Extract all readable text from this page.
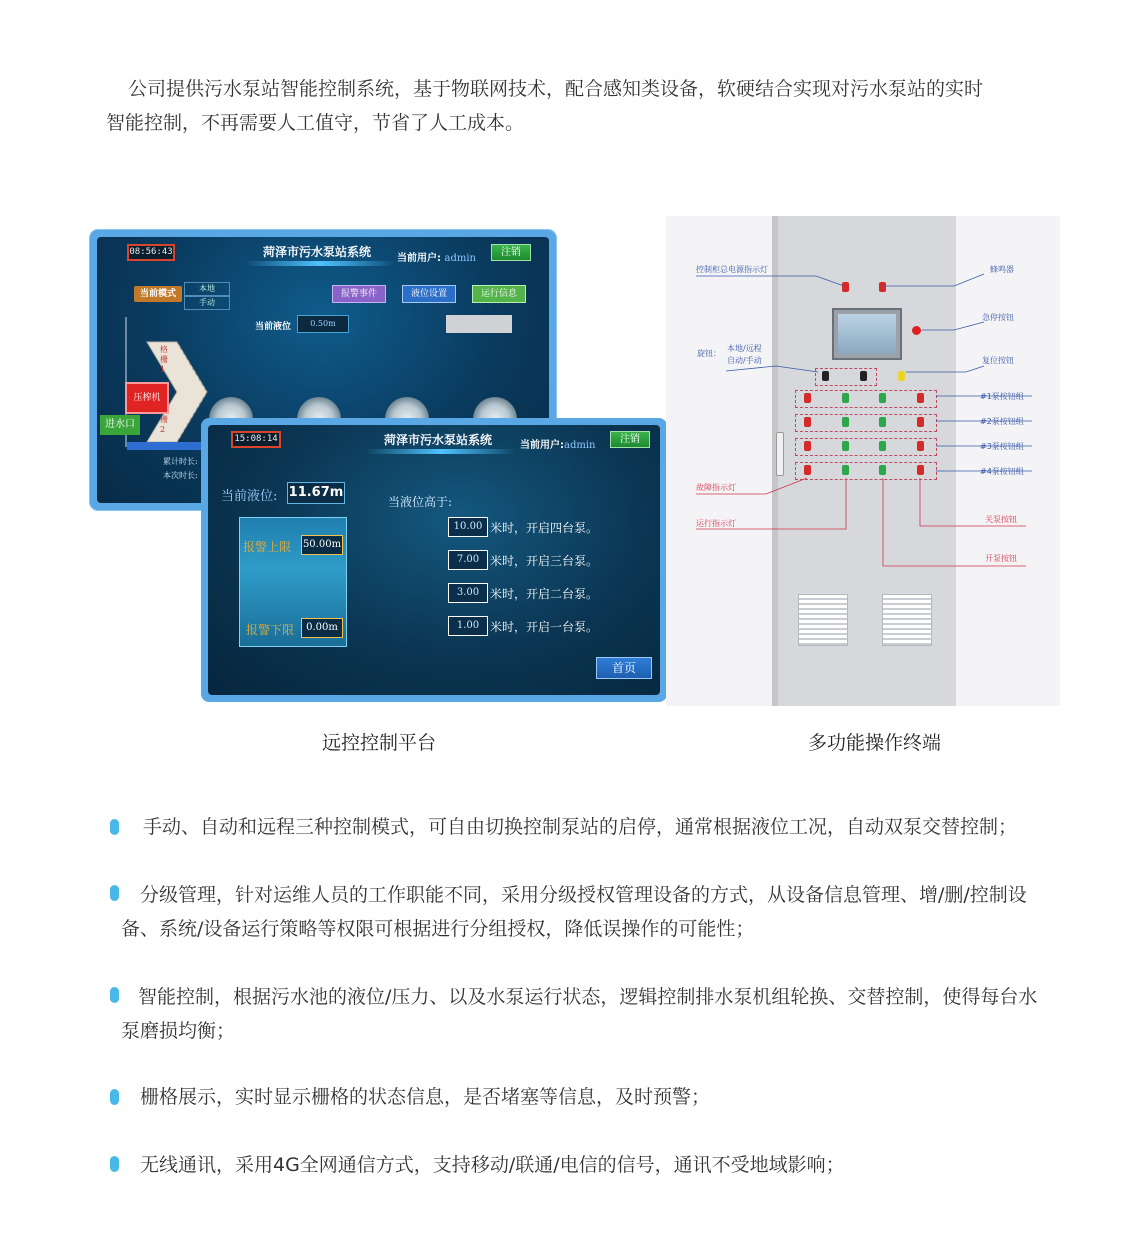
公司提供污水泵站智能控制系统，基于物联网技术，配合感知类设备，软硬结合实现对污水泵站的实时
智能控制，不再需要人工值守，节省了人工成本。
08:56:43	菏泽市污水泵站系统	当前用户: admin
注销
当前模式
本地
手动
报警事件	液位设置	运行信息
当前液位	0.50m
格栅1
栅2
压榨机
进水口
累计时长:
本次时长:
15:08:14	菏泽市污水泵站系统	当前用户:admin
注销
当前液位: 11.67m
报警上限 50.00m
报警下限	0.00m
当液位高于:
10.00 米时，开启四台泵。
7.00 米时，开启三台泵。
3.00 米时，开启二台泵。
1.00 米时，开启一台泵。
首页
远控控制平台	多功能操作终端
控制柜总电源指示灯	蜂鸣器
急停按钮
旋钮：
本地/远程
自动/手动	复位按钮
#1泵按钮组
#2泵按钮组
#3泵按钮组
#4泵按钮组
故障指示灯
运行指示灯	关泵按钮
开泵按钮
手动、自动和远程三种控制模式，可自由切换控制泵站的启停，通常根据液位工况，自动双泵交替控制；
分级管理，针对运维人员的工作职能不同，采用分级授权管理设备的方式，从设备信息管理、增/删/控制设
备、系统/设备运行策略等权限可根据进行分组授权，降低误操作的可能性；
智能控制，根据污水池的液位/压力、以及水泵运行状态，逻辑控制排水泵机组轮换、交替控制，使得每台水
泵磨损均衡；
栅格展示，实时显示栅格的状态信息，是否堵塞等信息，及时预警；
无线通讯，采用4G全网通信方式，支持移动/联通/电信的信号，通讯不受地域影响；
